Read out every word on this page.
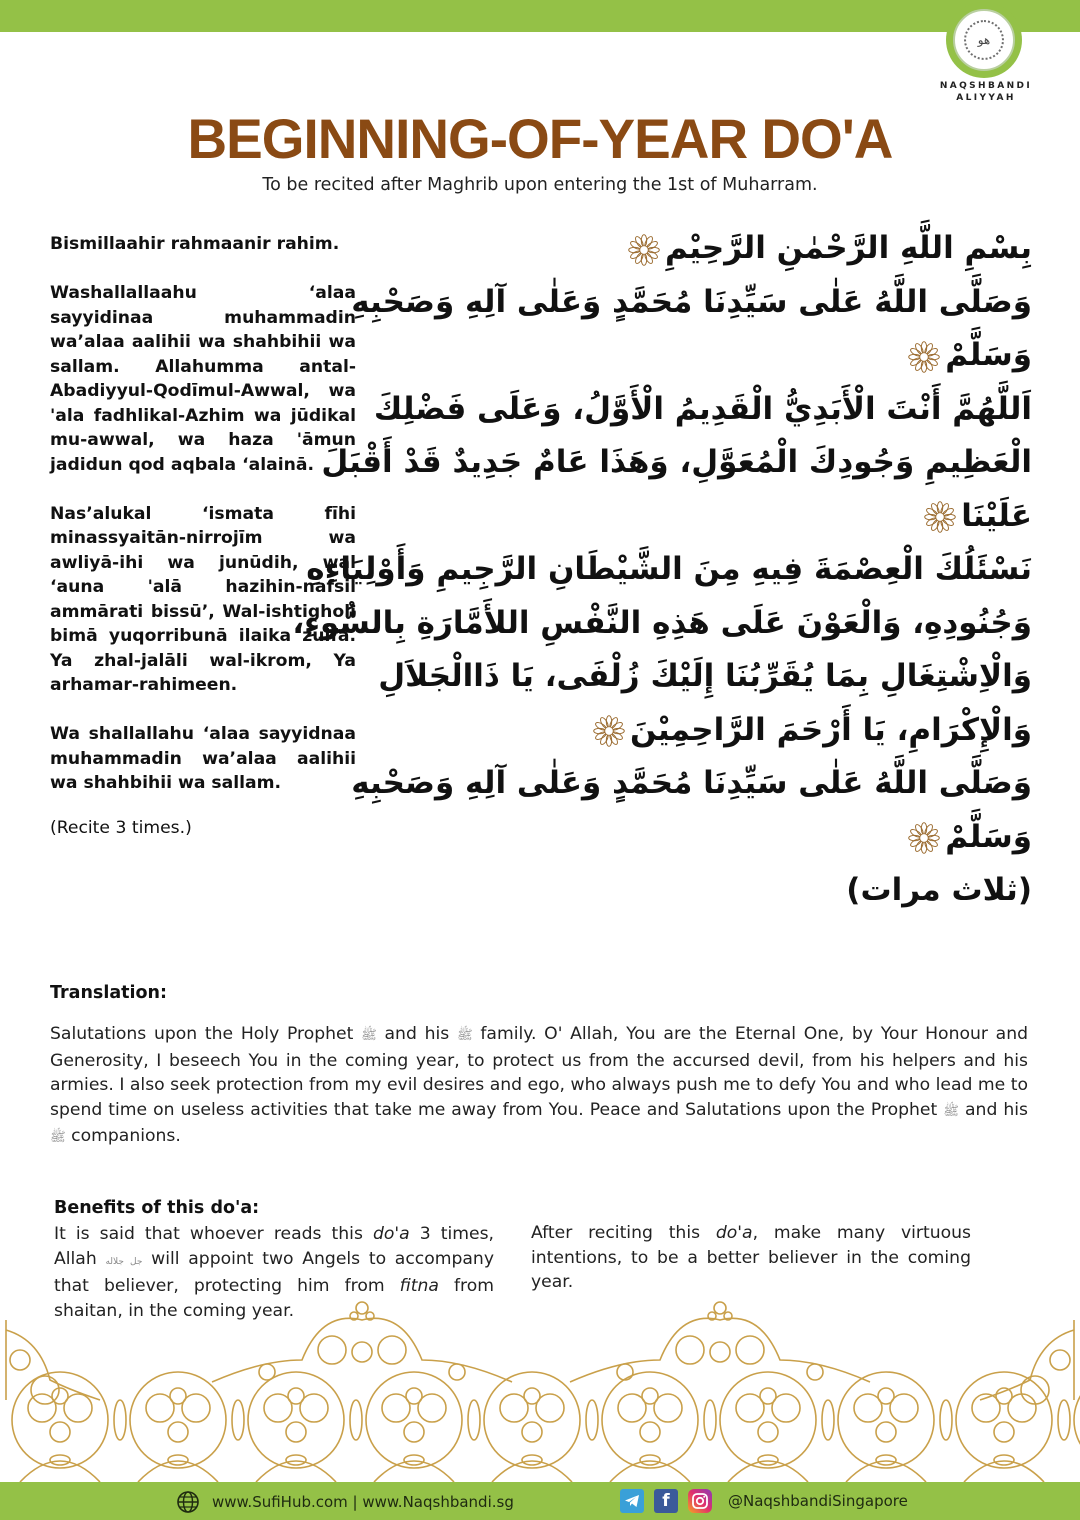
هو
NAQSHBANDI
ALIYYAH
BEGINNING-OF-YEAR DO'A
To be recited after Maghrib upon entering the 1st of Muharram.

Bismillaahir rahmaanir rahim.

Washallallaahu ‘alaa sayyidinaa muhammadin wa’alaa aalihii wa shahbihii wa sallam. Allahumma antal-Abadiyyul-Qodīmul-Awwal, wa 'ala fadhlikal-Azhim wa jūdikal mu-awwal, wa haza 'āmun jadidun qod aqbala ‘alainā.

Nas’alukal ‘ismata fīhi minassyaitān-nirrojīm wa awliyā-ihi wa junūdih, wal ‘auna 'alā hazihin-nafsil ammārati bissū’, Wal-ishtigholi bimā yuqorribunā ilaika zulfa. Ya zhal-jalāli wal-ikrom, Ya arhamar-rahimeen.

Wa shallallahu ‘alaa sayyidnaa muhammadin wa’alaa aalihii wa shahbihii wa sallam.

(Recite 3 times.)

بِسْمِ اللَّهِ الرَّحْمٰنِ الرَّحِيْمِ
وَصَلَّى اللَّهُ عَلٰى سَيِّدِنَا مُحَمَّدٍ وَعَلٰى آلِهِ وَصَحْبِهِ
وَسَلَّمْ
اَللَّهُمَّ أَنْتَ الْأَبَدِيُّ الْقَدِيمُ الْأَوَّلُ، وَعَلَى فَضْلِكَ
الْعَظِيمِ وَجُودِكَ الْمُعَوَّلِ، وَهَذَا عَامٌ جَدِيدٌ قَدْ أَقْبَلَ
عَلَيْنَا
نَسْئَلُكَ الْعِصْمَةَ فِيهِ مِنَ الشَّيْطَانِ الرَّجِيمِ وَأَوْلِيَاءِهِ
وَجُنُودِهِ، وَالْعَوْنَ عَلَى هَذِهِ النَّفْسِ اللأَمَّارَةِ بِالسُّوءِ،
وَالْاِشْتِغَالِ بِمَا يُقَرِّبُنَا إِلَيْكَ زُلْفَى، يَا ذَاالْجَلاَلِ
وَالْإِكْرَامِ، يَا أَرْحَمَ الرَّاحِمِيْنَ
وَصَلَّى اللَّهُ عَلٰى سَيِّدِنَا مُحَمَّدٍ وَعَلٰى آلِهِ وَصَحْبِهِ
وَسَلَّمْ
(ثلاث مرات)
Translation:
Salutations upon the Holy Prophet ﷺ and his ﷺ family. O' Allah, You are the Eternal One, by Your Honour and Generosity, I beseech You in the coming year, to protect us from the accursed devil, from his helpers and his armies. I also seek protection from my evil desires and ego, who always push me to defy You and who lead me to spend time on useless activities that take me away from You. Peace and Salutations upon the Prophet ﷺ and his ﷺ companions.
Benefits of this do'a:
It is said that whoever reads this do'a 3 times, Allah جل جلاله will appoint two Angels to accompany that believer, protecting him from fitna from shaitan, in the coming year.
After reciting this do'a, make many virtuous intentions, to be a better believer in the coming year.
www.SufiHub.com | www.Naqshbandi.sg	f	@NaqshbandiSingapore
